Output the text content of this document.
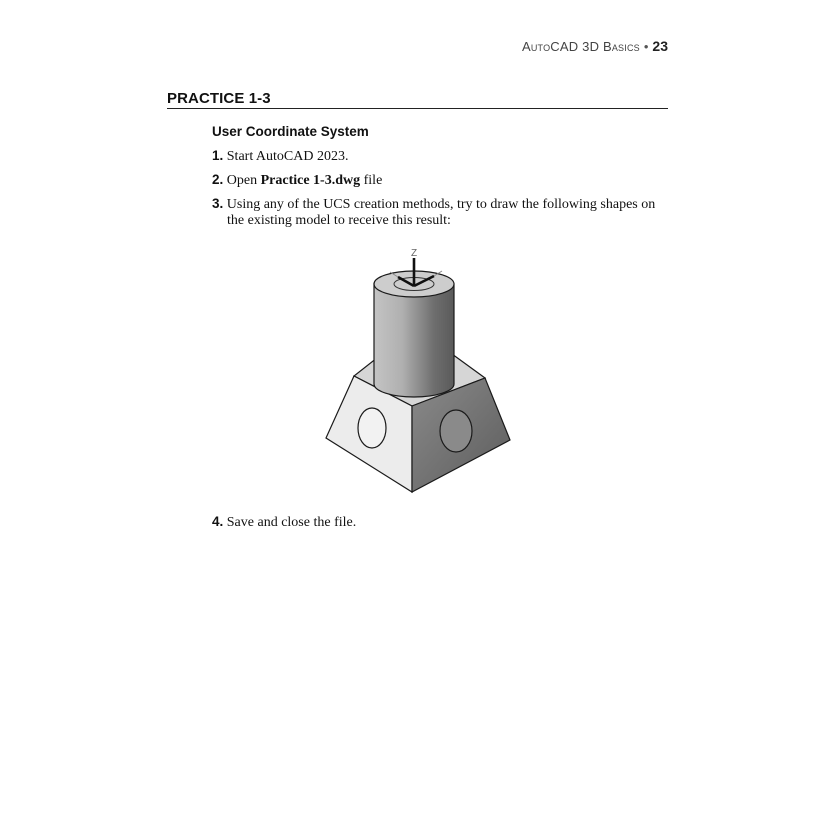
AutoCAD 3D Basics • 23
PRACTICE 1-3
User Coordinate System
1. Start AutoCAD 2023.
2. Open Practice 1-3.dwg file
3. Using any of the UCS creation methods, try to draw the following shapes on
the existing model to receive this result:
Z
4. Save and close the file.
